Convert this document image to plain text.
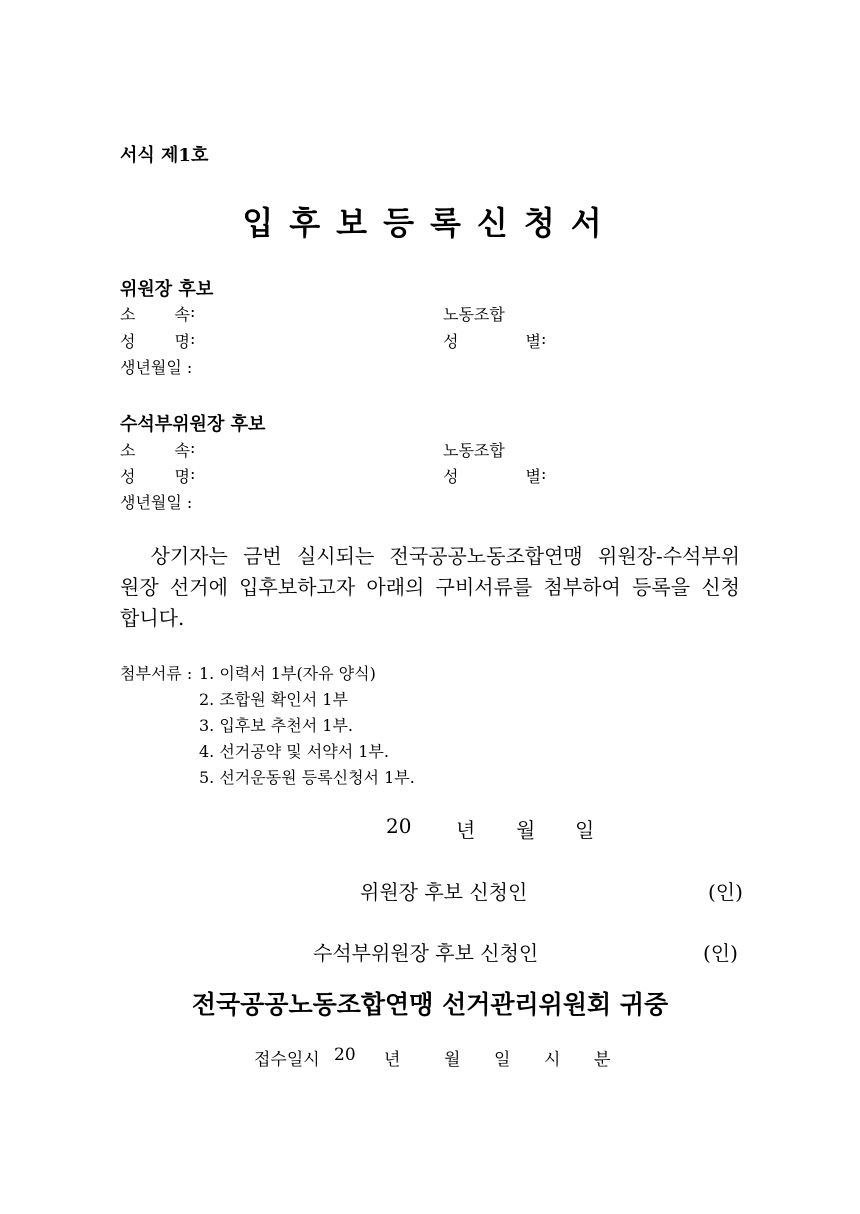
서식 제1호
입후보등록신청서
위원장 후보
소 속 :	노동조합
성 명 :	성	별 :
생년월일 :
수석부위원장 후보
소 속 :	노동조합
성 명 :	성	별 :
생년월일 :
상기자는 금번 실시되는 전국공공노동조합연맹 위원장-수석부위
원장 선거에 입후보하고자 아래의 구비서류를 첨부하여 등록을 신청
합니다.
첨부서류 : 1. 이력서 1부(자유 양식)
2. 조합원 확인서 1부
3. 입후보 추천서 1부.
4. 선거공약 및 서약서 1부.
5. 선거운동원 등록신청서 1부.
20 년 월 일
위원장 후보 신청인	(인)
수석부위원장 후보 신청인	(인)
전국공공노동조합연맹 선거관리위원회 귀중
접수일시 20 년	월 일 시 분
